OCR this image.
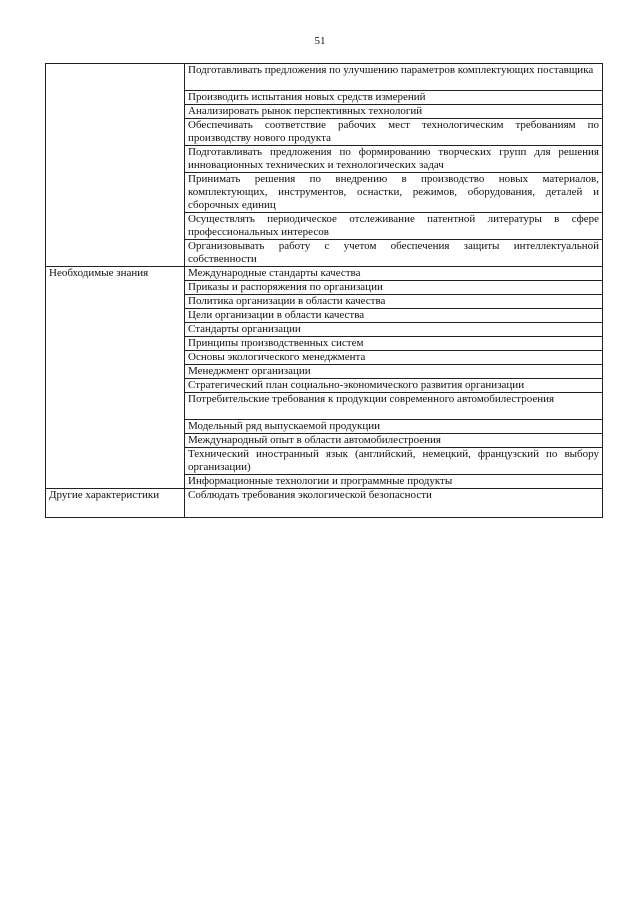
51
	Подготавливать предложения по улучшению параметров комплектующих поставщика
	Производить испытания новых средств измерений
	Анализировать рынок перспективных технологий
	Обеспечивать соответствие рабочих мест технологическим требованиям по производству нового продукта
	Подготавливать предложения по формированию творческих групп для решения инновационных технических и технологических задач
	Принимать решения по внедрению в производство новых материалов, комплектующих, инструментов, оснастки, режимов, оборудования, деталей и сборочных единиц
	Осуществлять периодическое отслеживание патентной литературы в сфере профессиональных интересов
	Организовывать работу с учетом обеспечения защиты интеллектуальной собственности
Необходимые знания	Международные стандарты качества
	Приказы и распоряжения по организации
	Политика организации в области качества
	Цели организации в области качества
	Стандарты организации
	Принципы производственных систем
	Основы экологического менеджмента
	Менеджмент организации
	Стратегический план социально-экономического развития организации
	Потребительские требования к продукции современного автомобилестроения
	Модельный ряд выпускаемой продукции
	Международный опыт в области автомобилестроения
	Технический иностранный язык (английский, немецкий, французский по выбору организации)
	Информационные технологии и программные продукты
Другие характеристики	Соблюдать требования экологической безопасности
